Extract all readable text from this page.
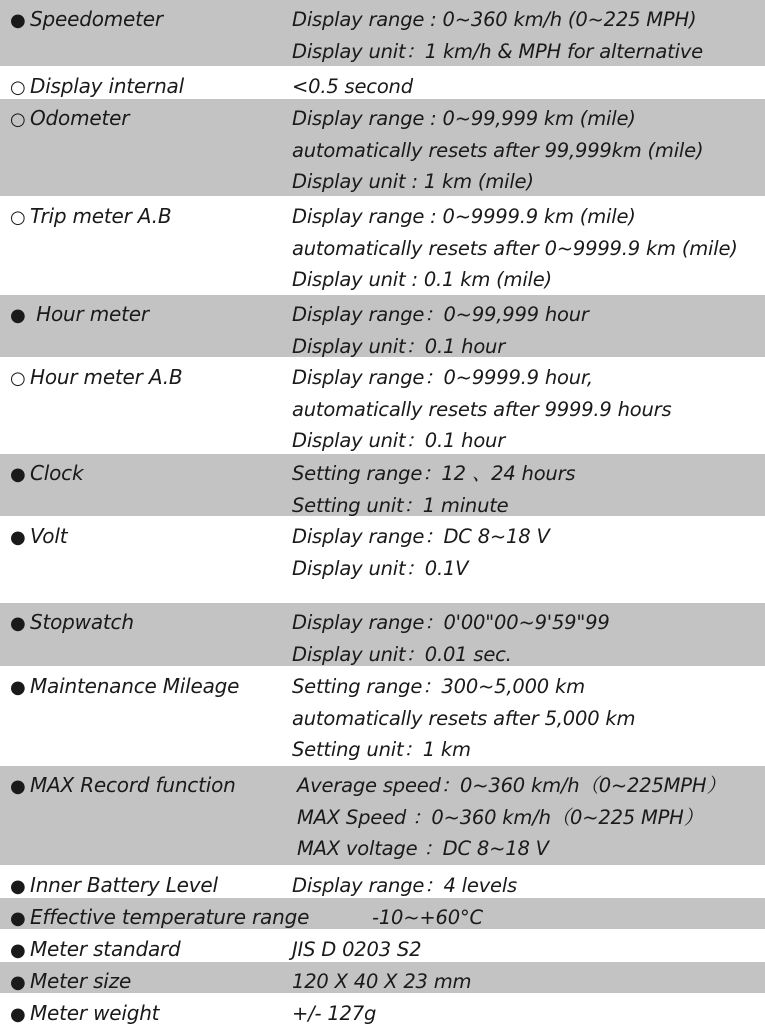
● Speedometer	Display range : 0~360 km/h (0~225 MPH)
Display unit：1 km/h & MPH for alternative
○ Display internal	<0.5 second
○ Odometer	Display range : 0~99,999 km (mile)
automatically resets after 99,999km (mile)
Display unit : 1 km (mile)
○ Trip meter A.B	Display range : 0~9999.9 km (mile)
automatically resets after 0~9999.9 km (mile)
Display unit : 0.1 km (mile)
● Hour meter	Display range：0~99,999 hour
Display unit：0.1 hour
○ Hour meter A.B	Display range：0~9999.9 hour,
automatically resets after 9999.9 hours
Display unit：0.1 hour
● Clock	Setting range：12 、24 hours
Setting unit：1 minute
● Volt	Display range：DC 8~18 V
Display unit：0.1V
● Stopwatch	Display range：0'00"00~9'59"99
Display unit：0.01 sec.
● Maintenance Mileage	Setting range：300~5,000 km
automatically resets after 5,000 km
Setting unit：1 km
● MAX Record function	Average speed：0~360 km/h（0~225MPH）
MAX Speed ：0~360 km/h（0~225 MPH）
MAX voltage ：DC 8~18 V
● Inner Battery Level	Display range：4 levels
● Effective temperature range	-10~+60°C
● Meter standard	JIS D 0203 S2
● Meter size	120 X 40 X 23 mm
● Meter weight	+/- 127g
